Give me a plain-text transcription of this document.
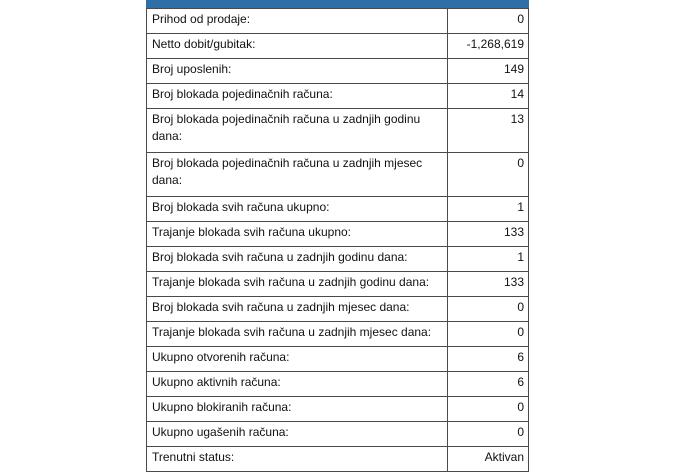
Prihod od prodaje:	0
Netto dobit/gubitak:	-1,268,619
Broj uposlenih:	149
Broj blokada pojedinačnih računa:	14
Broj blokada pojedinačnih računa u zadnjih godinu dana:	13
Broj blokada pojedinačnih računa u zadnjih mjesec dana:	0
Broj blokada svih računa ukupno:	1
Trajanje blokada svih računa ukupno:	133
Broj blokada svih računa u zadnjih godinu dana:	1
Trajanje blokada svih računa u zadnjih godinu dana:	133
Broj blokada svih računa u zadnjih mjesec dana:	0
Trajanje blokada svih računa u zadnjih mjesec dana:	0
Ukupno otvorenih računa:	6
Ukupno aktivnih računa:	6
Ukupno blokiranih računa:	0
Ukupno ugašenih računa:	0
Trenutni status:	Aktivan
